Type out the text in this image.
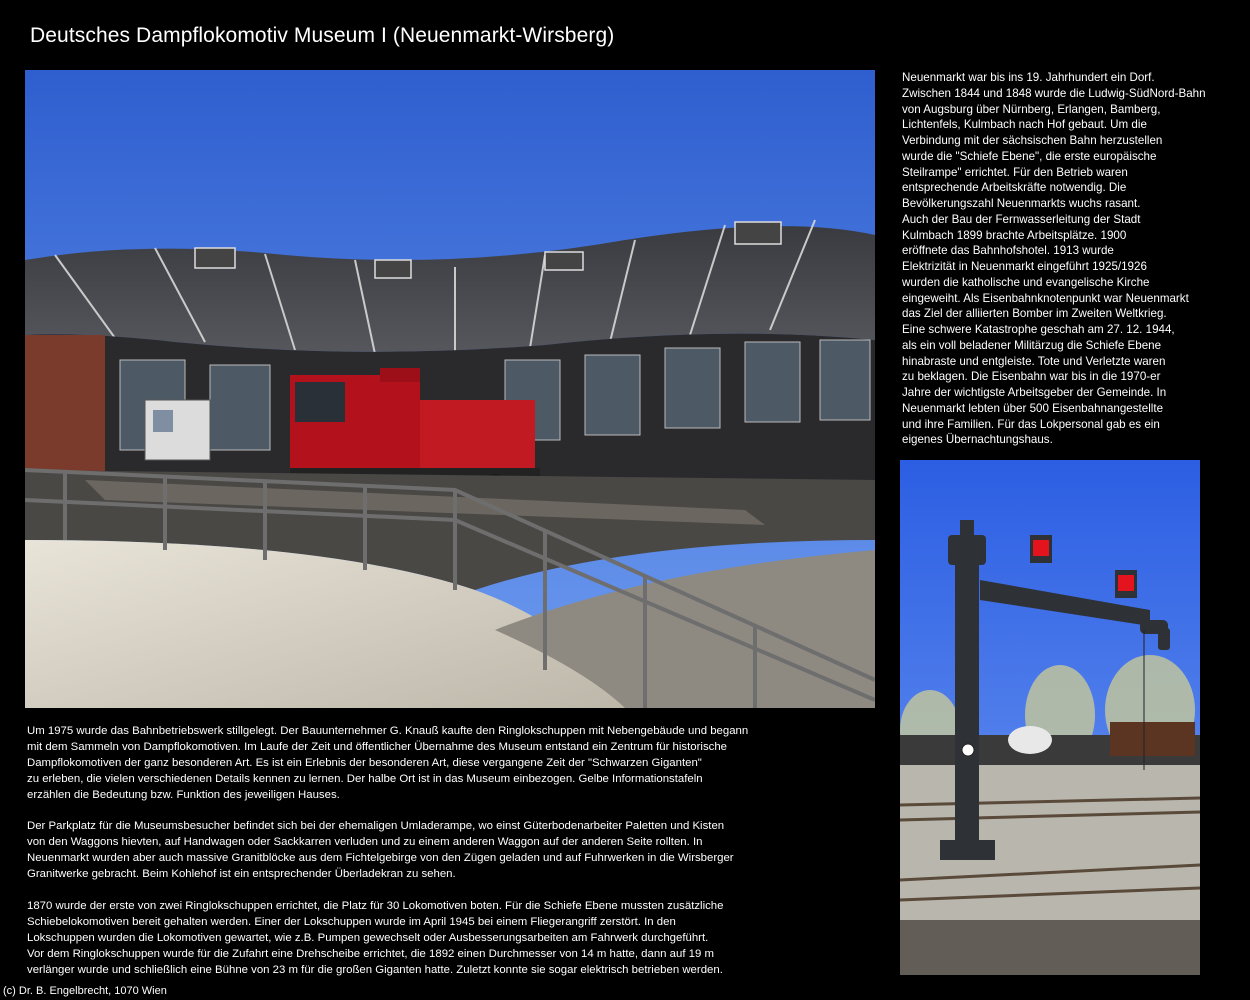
Deutsches Dampflokomotiv Museum I (Neuenmarkt-Wirsberg)
Neuenmarkt war bis ins 19. Jahrhundert ein Dorf.
Zwischen 1844 und 1848 wurde die Ludwig-SüdNord-Bahn
von Augsburg über Nürnberg, Erlangen, Bamberg,
Lichtenfels, Kulmbach nach Hof gebaut. Um die
Verbindung mit der sächsischen Bahn herzustellen
wurde die "Schiefe Ebene", die erste europäische
Steilrampe" errichtet. Für den Betrieb waren
entsprechende Arbeitskräfte notwendig. Die
Bevölkerungszahl Neuenmarkts wuchs rasant.
Auch der Bau der Fernwasserleitung der Stadt
Kulmbach 1899 brachte Arbeitsplätze. 1900
eröffnete das Bahnhofshotel. 1913 wurde
Elektrizität in Neuenmarkt eingeführt 1925/1926
wurden die katholische und evangelische Kirche
eingeweiht. Als Eisenbahnknotenpunkt war Neuenmarkt
das Ziel der alliierten Bomber im Zweiten Weltkrieg.
Eine schwere Katastrophe geschah am 27. 12. 1944,
als ein voll beladener Militärzug die Schiefe Ebene
hinabraste und entgleiste. Tote und Verletzte waren
zu beklagen. Die Eisenbahn war bis in die 1970-er
Jahre der wichtigste Arbeitsgeber der Gemeinde. In
Neuenmarkt lebten über 500 Eisenbahnangestellte
und ihre Familien. Für das Lokpersonal gab es ein
eigenes Übernachtungshaus.

Um 1975 wurde das Bahnbetriebswerk stillgelegt. Der Bauunternehmer G. Knauß kaufte den Ringlokschuppen mit Nebengebäude und begann
mit dem Sammeln von Dampflokomotiven. Im Laufe der Zeit und öffentlicher Übernahme des Museum entstand ein Zentrum für historische
Dampflokomotiven der ganz besonderen Art. Es ist ein Erlebnis der besonderen Art, diese vergangene Zeit der "Schwarzen Giganten"
zu erleben, die vielen verschiedenen Details kennen zu lernen. Der halbe Ort ist in das Museum einbezogen. Gelbe Informationstafeln
erzählen die Bedeutung bzw. Funktion des jeweiligen Hauses.

Der Parkplatz für die Museumsbesucher befindet sich bei der ehemaligen Umladerampe, wo einst Güterbodenarbeiter Paletten und Kisten
von den Waggons hievten, auf Handwagen oder Sackkarren verluden und zu einem anderen Waggon auf der anderen Seite rollten. In
Neuenmarkt wurden aber auch massive Granitblöcke aus dem Fichtelgebirge von den Zügen geladen und auf Fuhrwerken in die Wirsberger
Granitwerke gebracht. Beim Kohlehof ist ein entsprechender Überladekran zu sehen.

1870 wurde der erste von zwei Ringlokschuppen errichtet, die Platz für 30 Lokomotiven boten. Für die Schiefe Ebene mussten zusätzliche
Schiebelokomotiven bereit gehalten werden. Einer der Lokschuppen wurde im April 1945 bei einem Fliegerangriff zerstört. In den
Lokschuppen wurden die Lokomotiven gewartet, wie z.B. Pumpen gewechselt oder Ausbesserungsarbeiten am Fahrwerk durchgeführt.
Vor dem Ringlokschuppen wurde für die Zufahrt eine Drehscheibe errichtet, die 1892 einen Durchmesser von 14 m hatte, dann auf 19 m
verlänger wurde und schließlich eine Bühne von 23 m für die großen Giganten hatte. Zuletzt konnte sie sogar elektrisch betrieben werden.

(c) Dr. B. Engelbrecht, 1070 Wien
